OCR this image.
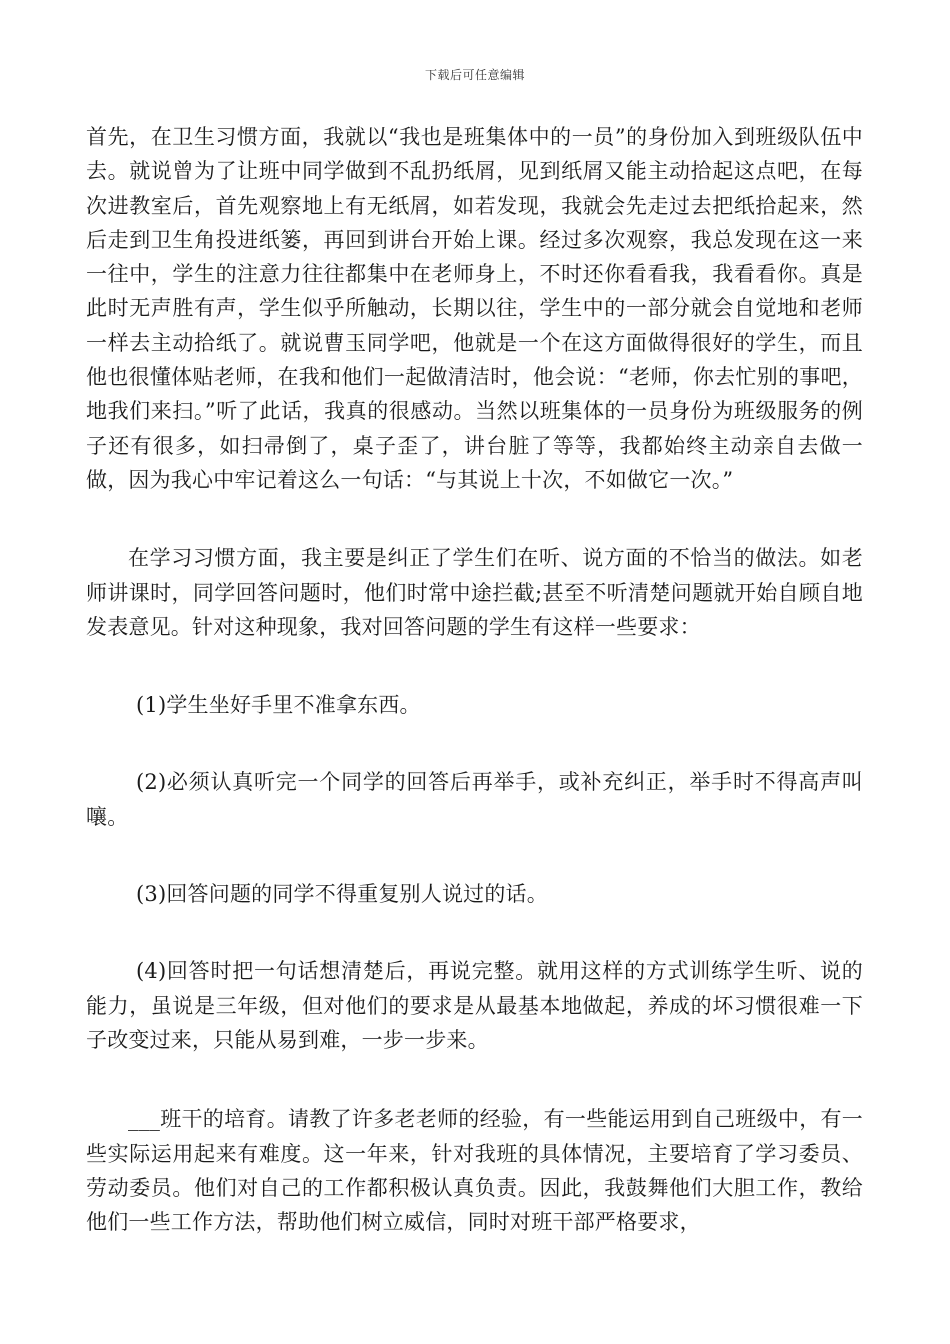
下载后可任意编辑

首先，在卫生习惯方面，我就以“我也是班集体中的一员”的身份加入到班级队伍中去。就说曾为了让班中同学做到不乱扔纸屑，见到纸屑又能主动拾起这点吧，在每次进教室后，首先观察地上有无纸屑，如若发现，我就会先走过去把纸拾起来，然后走到卫生角投进纸篓，再回到讲台开始上课。经过多次观察，我总发现在这一来一往中，学生的注意力往往都集中在老师身上，不时还你看看我，我看看你。真是此时无声胜有声，学生似乎所触动，长期以往，学生中的一部分就会自觉地和老师一样去主动拾纸了。就说曹玉同学吧，他就是一个在这方面做得很好的学生，而且他也很懂体贴老师，在我和他们一起做清洁时，他会说：“老师，你去忙别的事吧，地我们来扫。”听了此话，我真的很感动。当然以班集体的一员身份为班级服务的例子还有很多，如扫帚倒了，桌子歪了，讲台脏了等等，我都始终主动亲自去做一做，因为我心中牢记着这么一句话：“与其说上十次，不如做它一次。”

在学习习惯方面，我主要是纠正了学生们在听、说方面的不恰当的做法。如老师讲课时，同学回答问题时，他们时常中途拦截;甚至不听清楚问题就开始自顾自地发表意见。针对这种现象，我对回答问题的学生有这样一些要求：

(1)学生坐好手里不准拿东西。

(2)必须认真听完一个同学的回答后再举手，或补充纠正，举手时不得高声叫嚷。

(3)回答问题的同学不得重复别人说过的话。

(4)回答时把一句话想清楚后，再说完整。就用这样的方式训练学生听、说的能力，虽说是三年级，但对他们的要求是从最基本地做起，养成的坏习惯很难一下子改变过来，只能从易到难，一步一步来。

___班干的培育。请教了许多老老师的经验，有一些能运用到自己班级中，有一些实际运用起来有难度。这一年来，针对我班的具体情况，主要培育了学习委员、劳动委员。他们对自己的工作都积极认真负责。因此，我鼓舞他们大胆工作，教给他们一些工作方法，帮助他们树立威信，同时对班干部严格要求，
